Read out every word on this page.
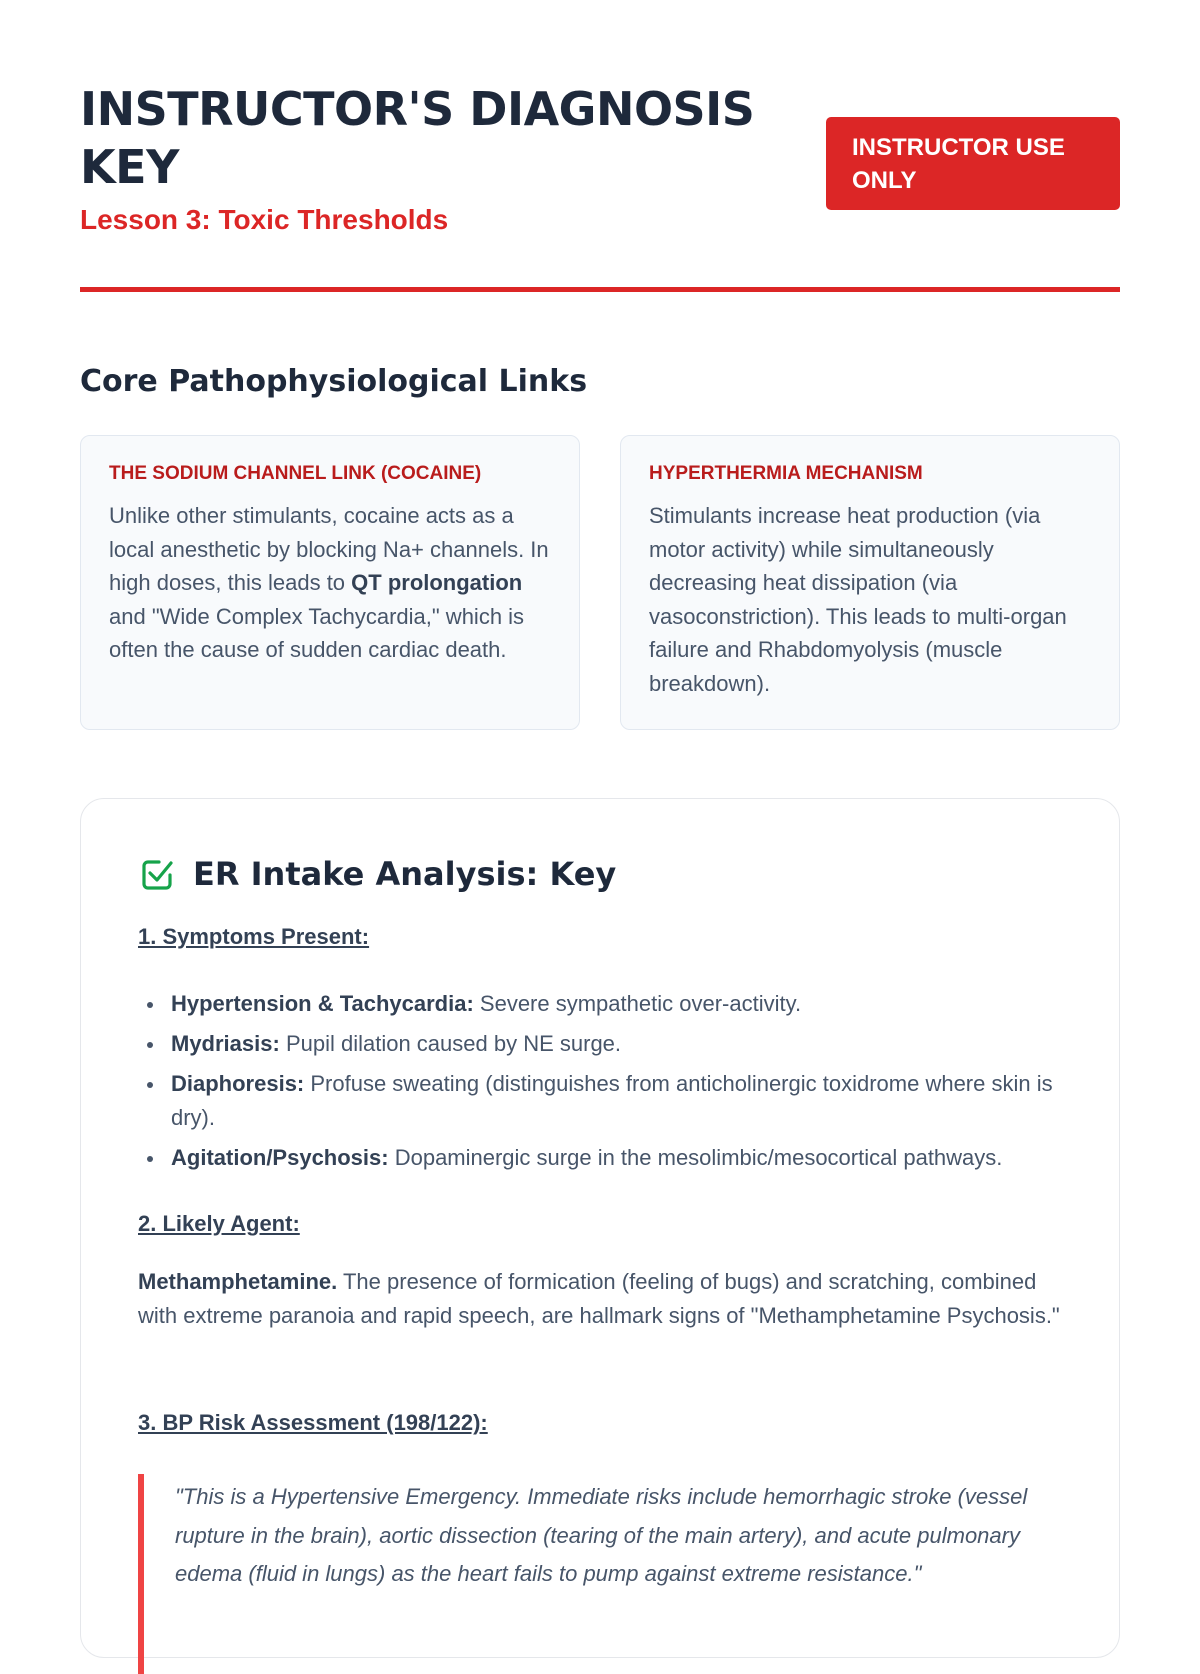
INSTRUCTOR'S DIAGNOSIS KEY
Lesson 3: Toxic Thresholds
INSTRUCTOR USE ONLY
Core Pathophysiological Links
THE SODIUM CHANNEL LINK (COCAINE)

Unlike other stimulants, cocaine acts as a local anesthetic by blocking Na+ channels. In high doses, this leads to QT prolongation and "Wide Complex Tachycardia," which is often the cause of sudden cardiac death.

HYPERTHERMIA MECHANISM

Stimulants increase heat production (via motor activity) while simultaneously decreasing heat dissipation (via vasoconstriction). This leads to multi-organ failure and Rhabdomyolysis (muscle breakdown).

ER Intake Analysis: Key
1. Symptoms Present:
Hypertension & Tachycardia: Severe sympathetic over-activity.
Mydriasis: Pupil dilation caused by NE surge.
Diaphoresis: Profuse sweating (distinguishes from anticholinergic toxidrome where skin is dry).
Agitation/Psychosis: Dopaminergic surge in the mesolimbic/mesocortical pathways.
2. Likely Agent:

Methamphetamine. The presence of formication (feeling of bugs) and scratching, combined with extreme paranoia and rapid speech, are hallmark signs of "Methamphetamine Psychosis."

3. BP Risk Assessment (198/122):

"This is a Hypertensive Emergency. Immediate risks include hemorrhagic stroke (vessel rupture in the brain), aortic dissection (tearing of the main artery), and acute pulmonary edema (fluid in lungs) as the heart fails to pump against extreme resistance."
